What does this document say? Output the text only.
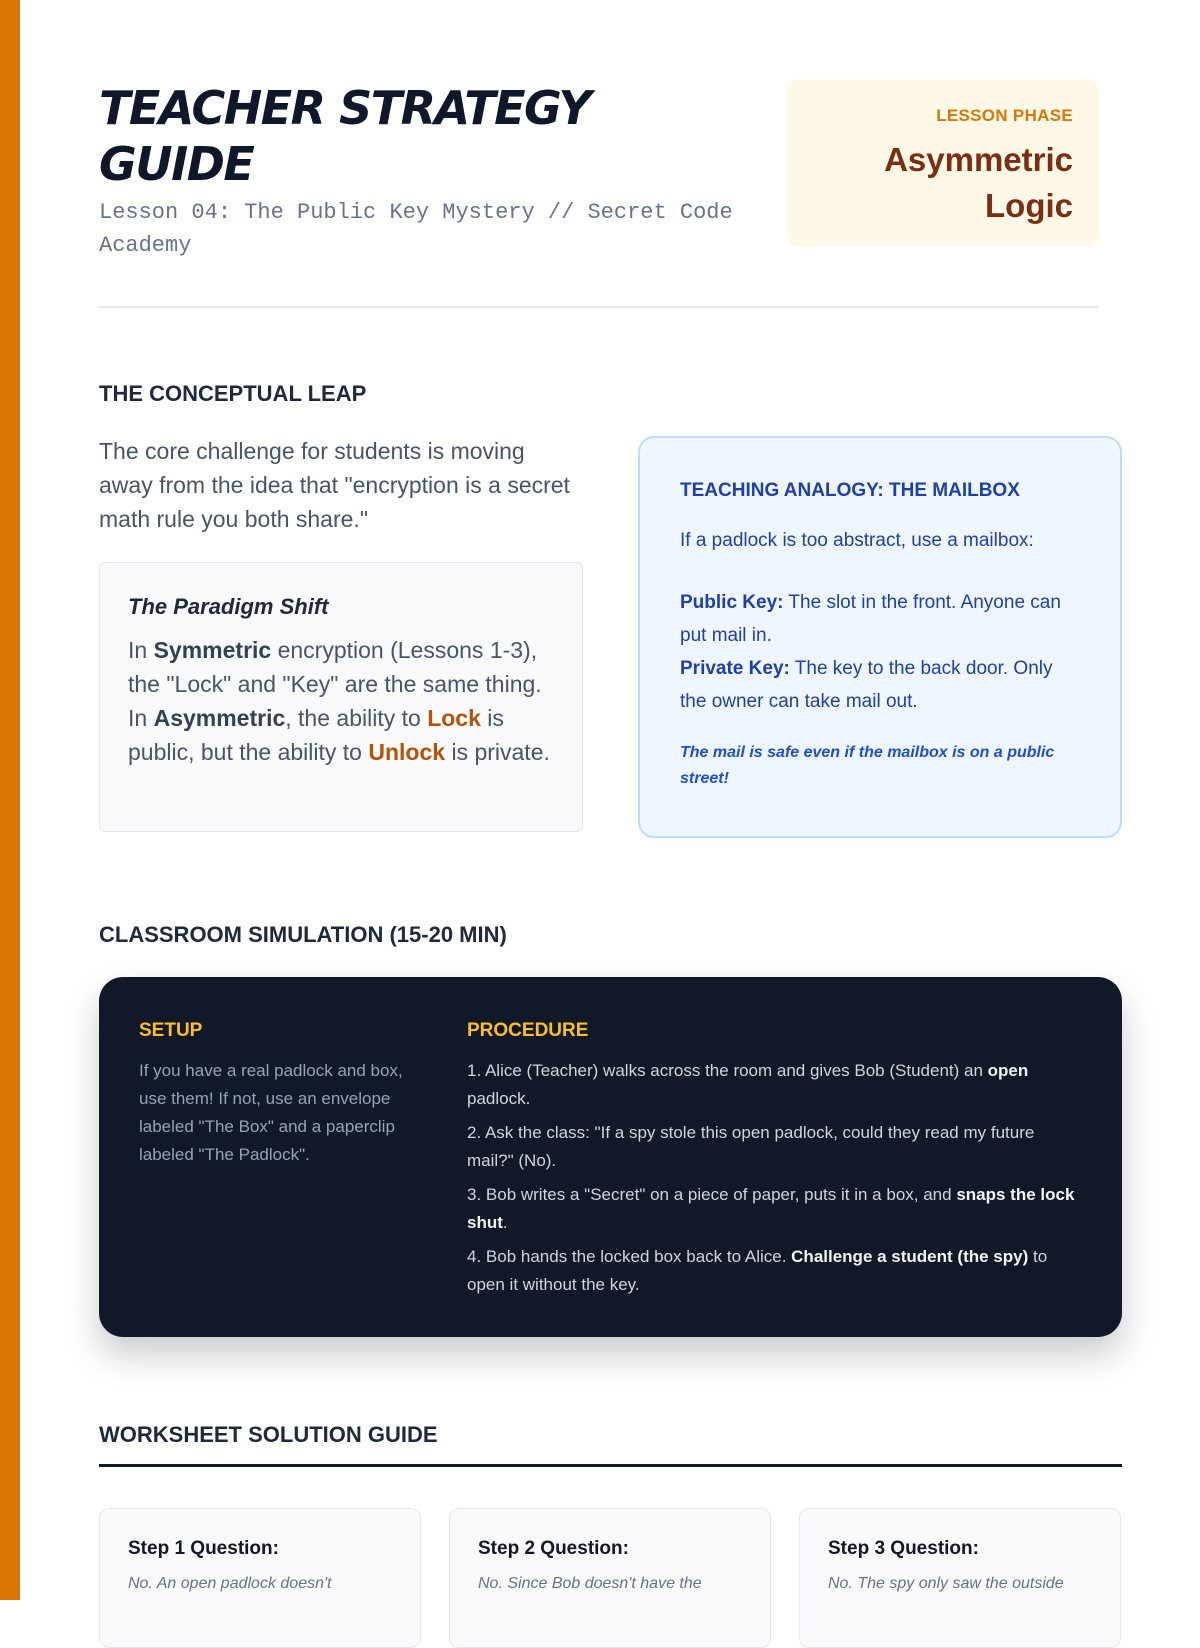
TEACHER STRATEGY GUIDE
Lesson 04: The Public Key Mystery // Secret Code Academy
LESSON PHASE
Asymmetric Logic
THE CONCEPTUAL LEAP
The core challenge for students is moving away from the idea that "encryption is a secret math rule you both share."
The Paradigm Shift
In Symmetric encryption (Lessons 1-3), the "Lock" and "Key" are the same thing. In Asymmetric, the ability to Lock is public, but the ability to Unlock is private.
TEACHING ANALOGY: THE MAILBOX
If a padlock is too abstract, use a mailbox:
Public Key: The slot in the front. Anyone can put mail in.
Private Key: The key to the back door. Only the owner can take mail out.
The mail is safe even if the mailbox is on a public street!
CLASSROOM SIMULATION (15-20 MIN)
SETUP
If you have a real padlock and box, use them! If not, use an envelope labeled "The Box" and a paperclip labeled "The Padlock".
PROCEDURE
1. Alice (Teacher) walks across the room and gives Bob (Student) an open padlock.
2. Ask the class: "If a spy stole this open padlock, could they read my future mail?" (No).
3. Bob writes a "Secret" on a piece of paper, puts it in a box, and snaps the lock shut.
4. Bob hands the locked box back to Alice. Challenge a student (the spy) to open it without the key.
WORKSHEET SOLUTION GUIDE
Step 1 Question:
No. An open padlock doesn't
Step 2 Question:
No. Since Bob doesn't have the
Step 3 Question:
No. The spy only saw the outside
